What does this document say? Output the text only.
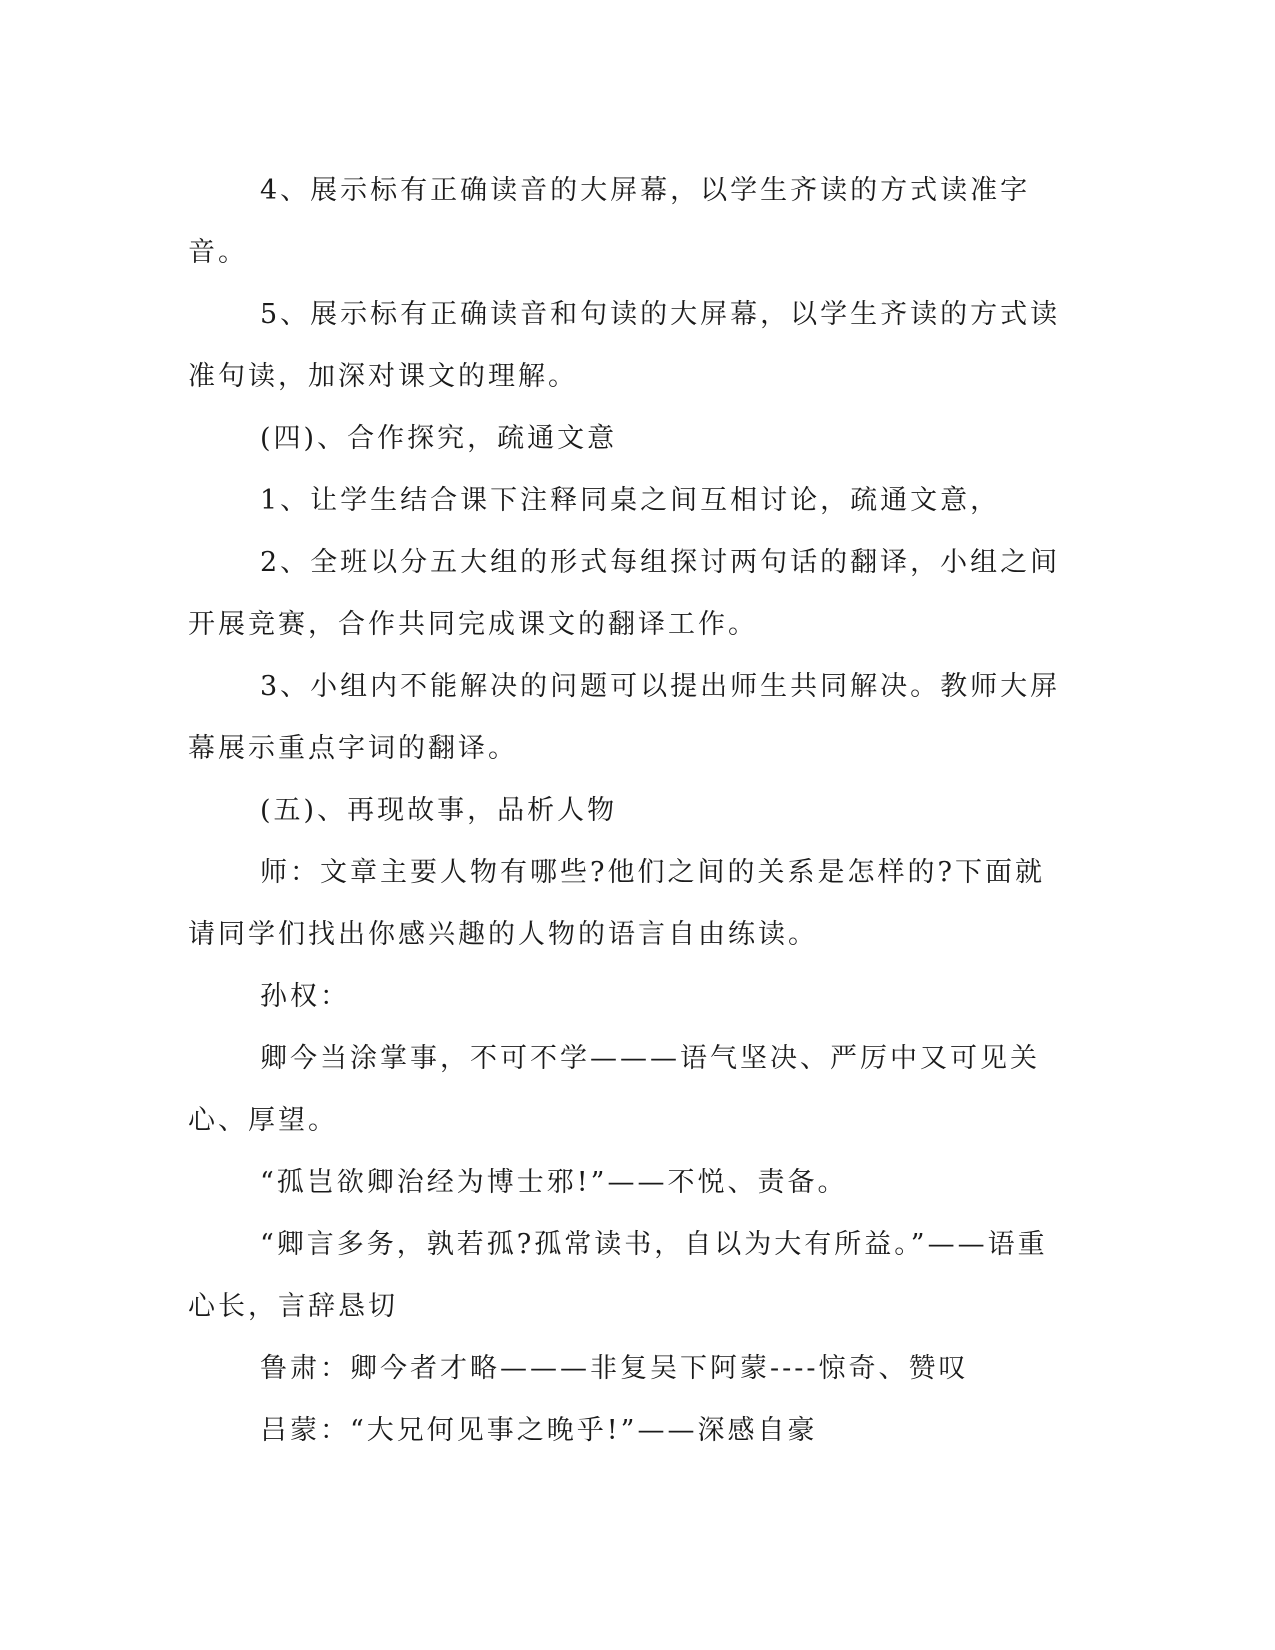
4、展示标有正确读音的大屏幕，以学生齐读的方式读准字音。

5、展示标有正确读音和句读的大屏幕，以学生齐读的方式读准句读，加深对课文的理解。

(四)、合作探究，疏通文意

1、让学生结合课下注释同桌之间互相讨论，疏通文意，

2、全班以分五大组的形式每组探讨两句话的翻译，小组之间开展竞赛，合作共同完成课文的翻译工作。

3、小组内不能解决的问题可以提出师生共同解决。教师大屏幕展示重点字词的翻译。

(五)、再现故事，品析人物

师：文章主要人物有哪些?他们之间的关系是怎样的?下面就请同学们找出你感兴趣的人物的语言自由练读。

孙权：

卿今当涂掌事，不可不学———语气坚决、严厉中又可见关心、厚望。

“孤岂欲卿治经为博士邪!”——不悦、责备。

“卿言多务，孰若孤?孤常读书，自以为大有所益。”——语重心长，言辞恳切

鲁肃：卿今者才略———非复吴下阿蒙----惊奇、赞叹

吕蒙：“大兄何见事之晚乎!”——深感自豪
